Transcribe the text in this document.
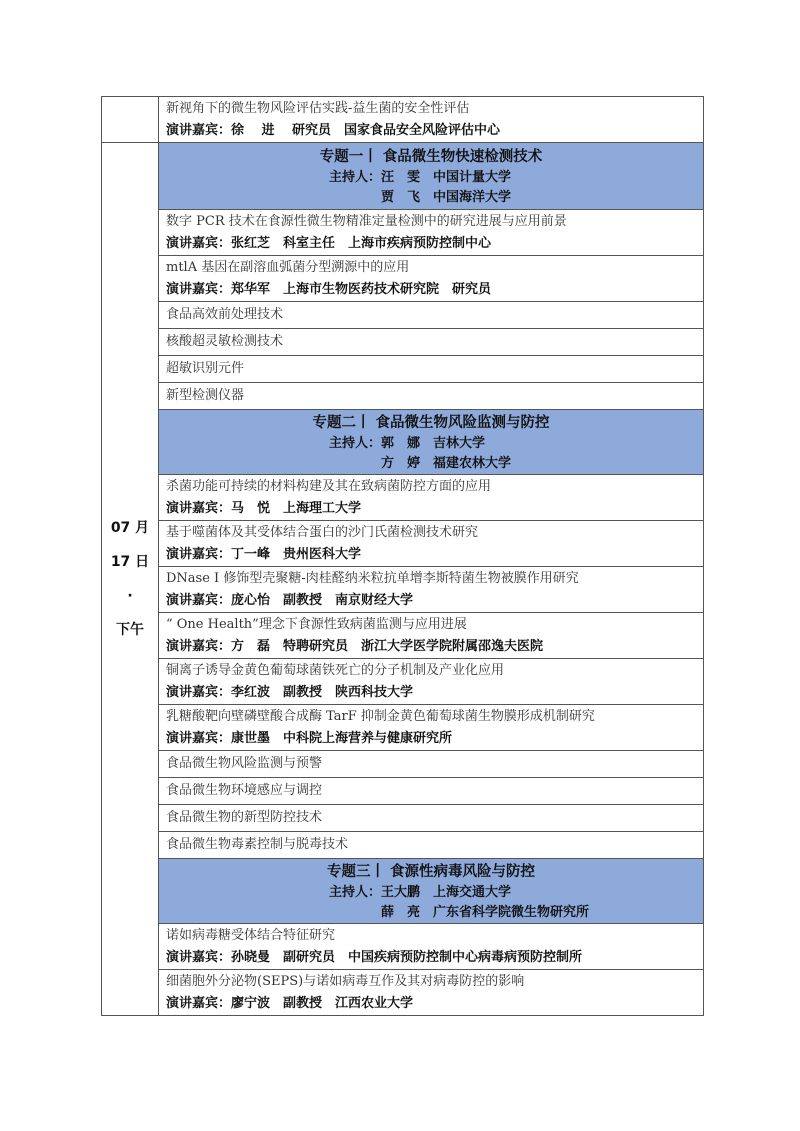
	新视角下的微生物风险评估实践-益生菌的安全性评估
演讲嘉宾：徐　 进　 研究员　国家食品安全风险评估中心

07 月
17 日
·
下午

专题一丨 食品微生物快速检测技术
主持人： 汪　雯　中国计量大学
贾　飞　中国海洋大学

	数字 PCR 技术在食源性微生物精准定量检测中的研究进展与应用前景
演讲嘉宾：张红芝　科室主任　上海市疾病预防控制中心

	mtlA 基因在副溶血弧菌分型溯源中的应用
演讲嘉宾：郑华军　上海市生物医药技术研究院　研究员

	食品高效前处理技术

	核酸超灵敏检测技术

	超敏识别元件

	新型检测仪器

	专题二丨 食品微生物风险监测与防控
主持人： 郭　娜　吉林大学
方　婷　福建农林大学

	杀菌功能可持续的材料构建及其在致病菌防控方面的应用
演讲嘉宾：马　悦　上海理工大学

	基于噬菌体及其受体结合蛋白的沙门氏菌检测技术研究
演讲嘉宾：丁一峰　贵州医科大学

	DNase I 修饰型壳聚糖-肉桂醛纳米粒抗单增李斯特菌生物被膜作用研究
演讲嘉宾：庞心怡　副教授　南京财经大学

	“ One Health”理念下食源性致病菌监测与应用进展
演讲嘉宾：方　磊　特聘研究员　浙江大学医学院附属邵逸夫医院

	铜离子诱导金黄色葡萄球菌铁死亡的分子机制及产业化应用
演讲嘉宾：李红波　副教授　陕西科技大学

	乳糖酸靶向壁磷壁酸合成酶 TarF 抑制金黄色葡萄球菌生物膜形成机制研究
演讲嘉宾：康世墨　中科院上海营养与健康研究所

	食品微生物风险监测与预警

	食品微生物环境感应与调控

	食品微生物的新型防控技术

	食品微生物毒素控制与脱毒技术

	专题三丨 食源性病毒风险与防控
主持人： 王大鹏　上海交通大学
薛　亮　广东省科学院微生物研究所

	诺如病毒糖受体结合特征研究
演讲嘉宾：孙晓曼　副研究员　中国疾病预防控制中心病毒病预防控制所

	细菌胞外分泌物(SEPS)与诺如病毒互作及其对病毒防控的影响
演讲嘉宾：廖宁波　副教授　江西农业大学
